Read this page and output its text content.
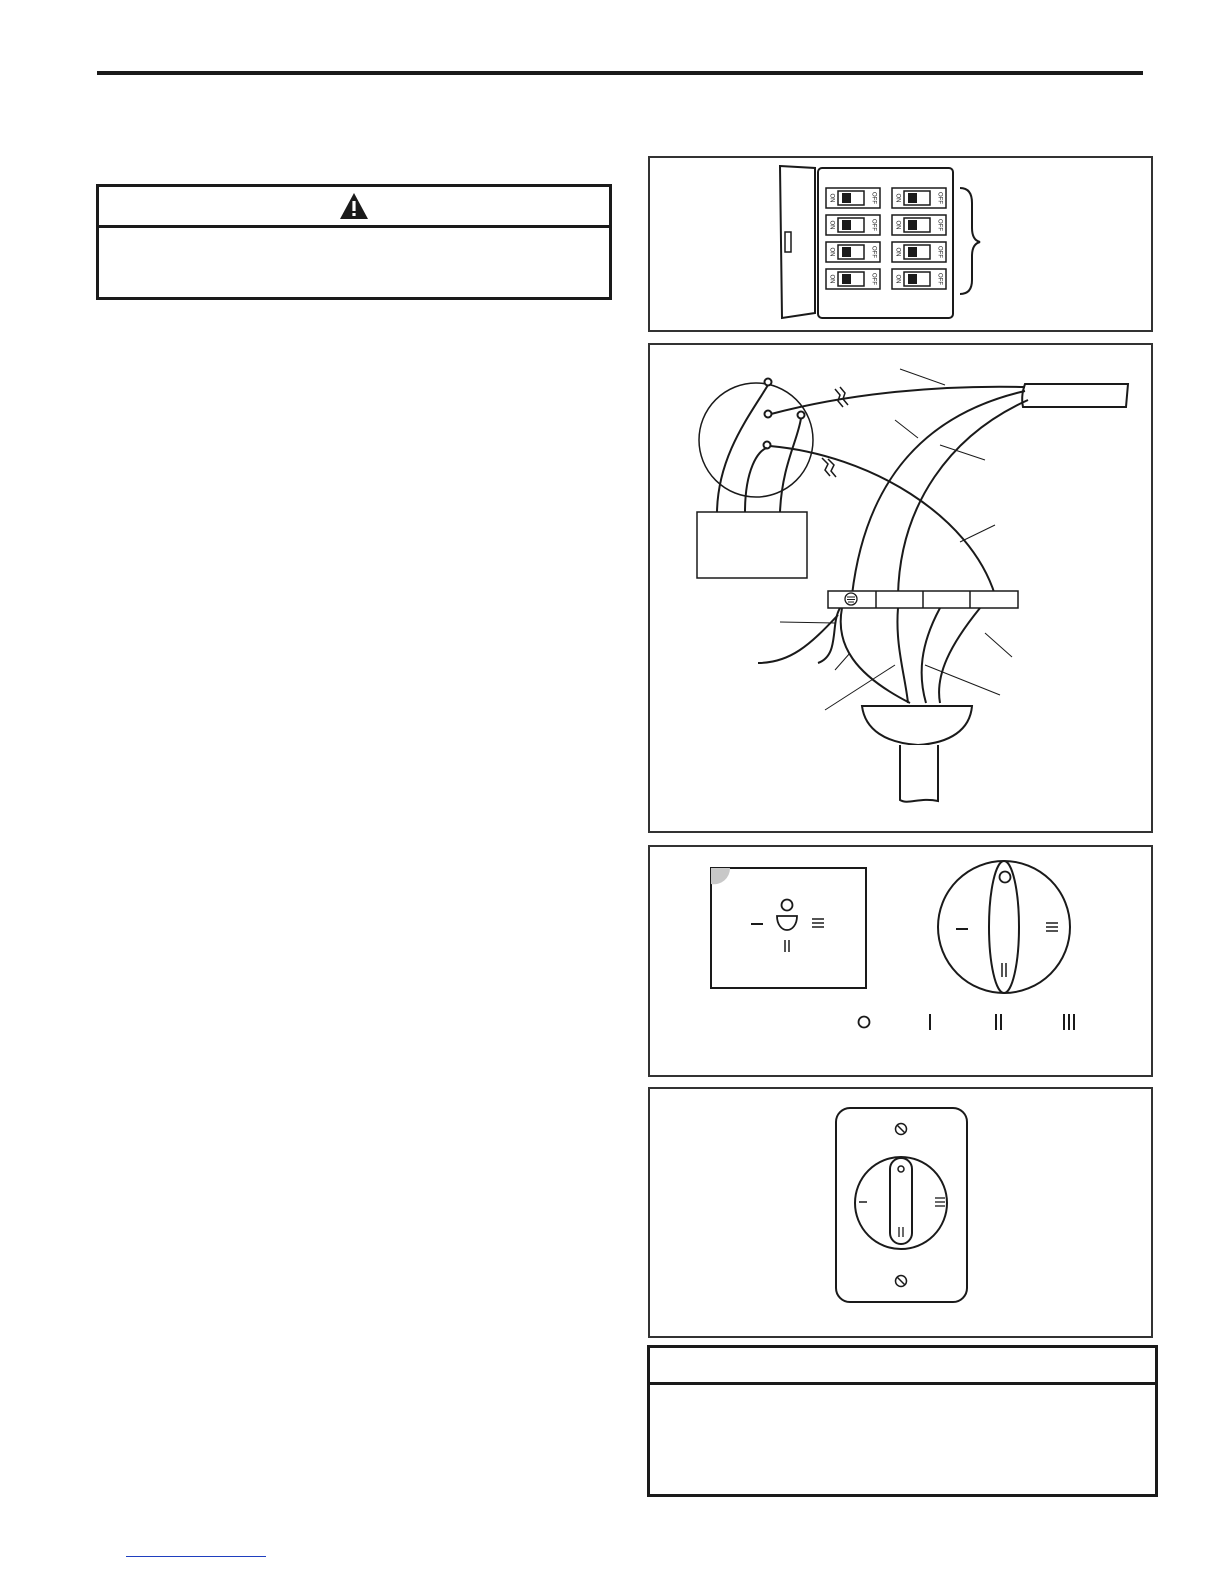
ON	OFF	ON	OFF
ON	OFF	ON	OFF
ON	OFF	ON	OFF
ON	OFF	ON	OFF
